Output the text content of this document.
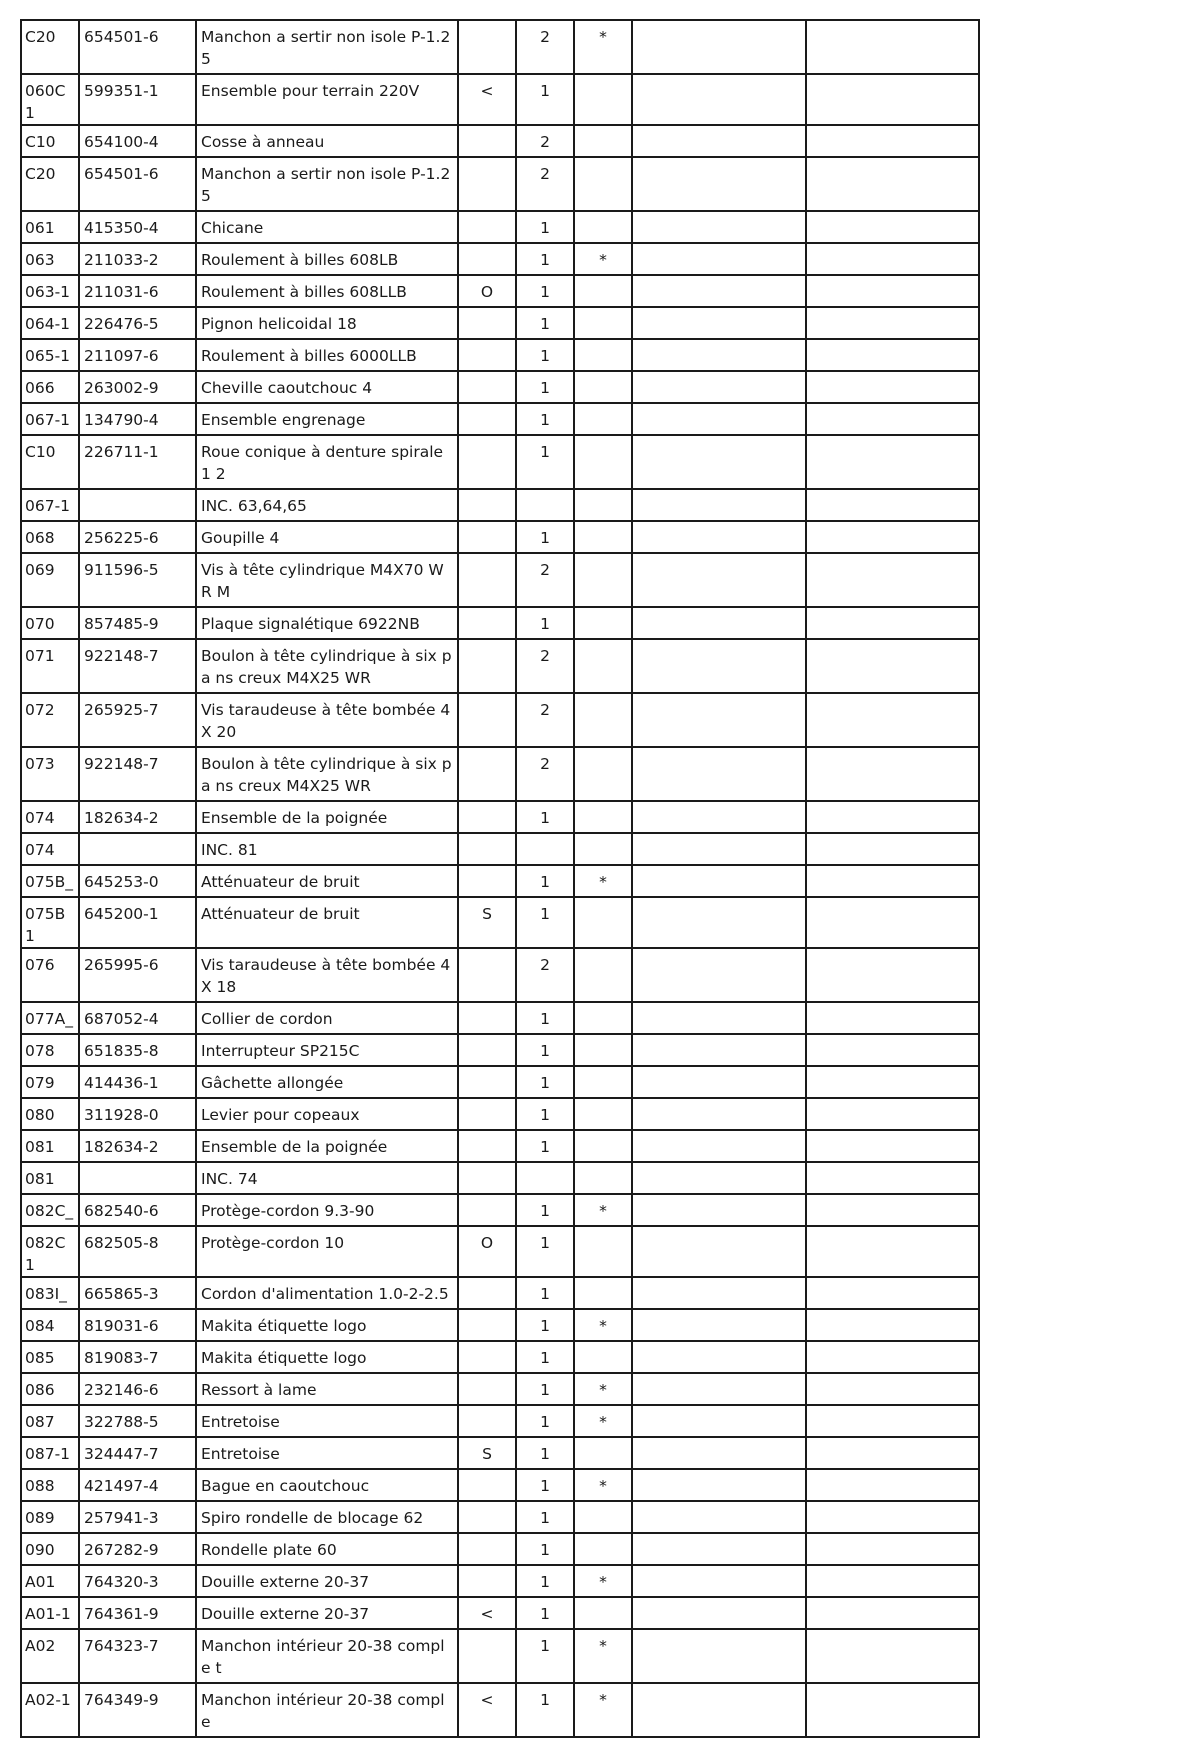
C20	654501-6	Manchon a sertir non isole P-1.2 5		2	*		
060C1	599351-1	Ensemble pour terrain 220V	<	1			
C10	654100-4	Cosse à anneau		2			
C20	654501-6	Manchon a sertir non isole P-1.2 5		2			
061	415350-4	Chicane		1			
063	211033-2	Roulement à billes 608LB		1	*		
063-1	211031-6	Roulement à billes 608LLB	O	1			
064-1	226476-5	Pignon helicoidal 18		1			
065-1	211097-6	Roulement à billes 6000LLB		1			
066	263002-9	Cheville caoutchouc 4		1			
067-1	134790-4	Ensemble engrenage		1			
C10	226711-1	Roue conique à denture spirale 1 2		1			
067-1		INC. 63,64,65					
068	256225-6	Goupille 4		1			
069	911596-5	Vis à tête cylindrique M4X70 WR M		2			
070	857485-9	Plaque signalétique 6922NB		1			
071	922148-7	Boulon à tête cylindrique à six pa ns creux M4X25 WR		2			
072	265925-7	Vis taraudeuse à tête bombée 4X 20		2			
073	922148-7	Boulon à tête cylindrique à six pa ns creux M4X25 WR		2			
074	182634-2	Ensemble de la poignée		1			
074		INC. 81					
075B_	645253-0	Atténuateur de bruit		1	*		
075B1	645200-1	Atténuateur de bruit	S	1			
076	265995-6	Vis taraudeuse à tête bombée 4X 18		2			
077A_	687052-4	Collier de cordon		1			
078	651835-8	Interrupteur SP215C		1			
079	414436-1	Gâchette allongée		1			
080	311928-0	Levier pour copeaux		1			
081	182634-2	Ensemble de la poignée		1			
081		INC. 74					
082C_	682540-6	Protège-cordon 9.3-90		1	*		
082C1	682505-8	Protège-cordon 10	O	1			
083I_	665865-3	Cordon d'alimentation 1.0-2-2.5		1			
084	819031-6	Makita étiquette logo		1	*		
085	819083-7	Makita étiquette logo		1			
086	232146-6	Ressort à lame		1	*		
087	322788-5	Entretoise		1	*		
087-1	324447-7	Entretoise	S	1			
088	421497-4	Bague en caoutchouc		1	*		
089	257941-3	Spiro rondelle de blocage 62		1			
090	267282-9	Rondelle plate 60		1			
A01	764320-3	Douille externe 20-37		1	*		
A01-1	764361-9	Douille externe 20-37	<	1			
A02	764323-7	Manchon intérieur 20-38 comple t		1	*		
A02-1	764349-9	Manchon intérieur 20-38 comple	<	1	*		
